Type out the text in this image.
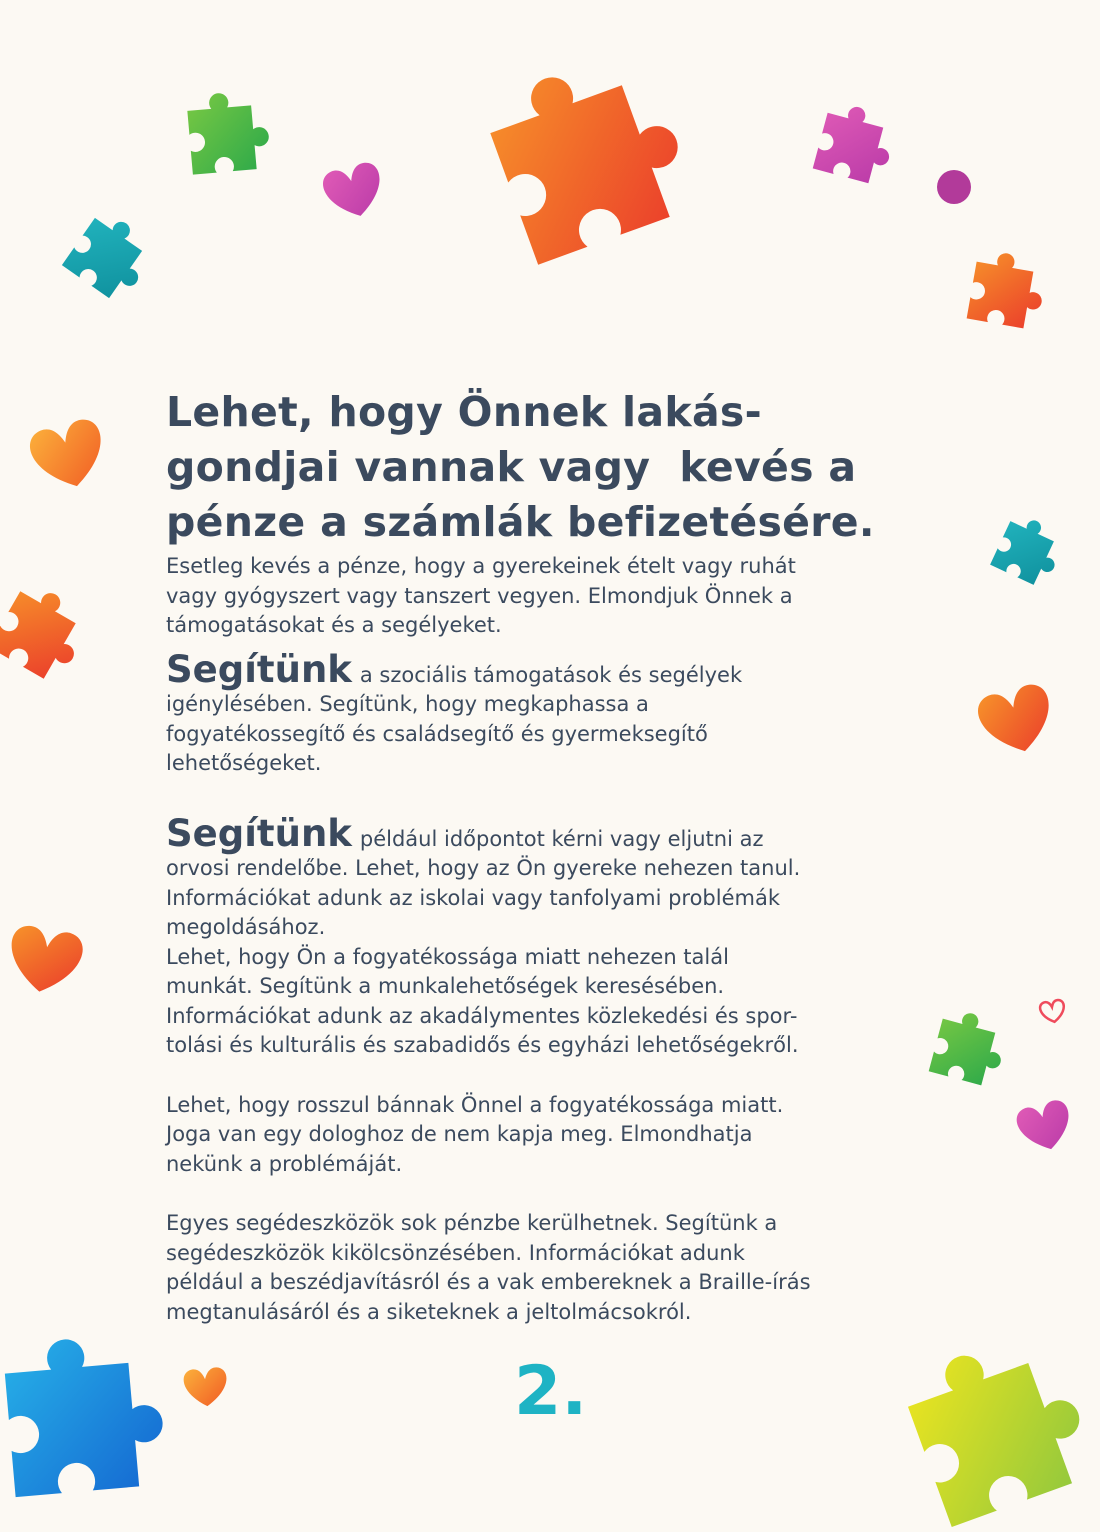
Lehet, hogy Önnek lakás-
gondjai vannak vagy  kevés a
pénze a számlák befizetésére.
Esetleg kevés a pénze, hogy a gyerekeinek ételt vagy ruhát
vagy gyógyszert vagy tanszert vegyen. Elmondjuk Önnek a
támogatásokat és a segélyeket.
Segítünk a szociális támogatások és segélyek
igénylésében. Segítünk, hogy megkaphassa a
fogyatékossegítő és családsegítő és gyermeksegítő
lehetőségeket.
Segítünk például időpontot kérni vagy eljutni az
orvosi rendelőbe. Lehet, hogy az Ön gyereke nehezen tanul.
Információkat adunk az iskolai vagy tanfolyami problémák
megoldásához.
Lehet, hogy Ön a fogyatékossága miatt nehezen talál
munkát. Segítünk a munkalehetőségek keresésében.
Információkat adunk az akadálymentes közlekedési és spor-
tolási és kulturális és szabadidős és egyházi lehetőségekről.
Lehet, hogy rosszul bánnak Önnel a fogyatékossága miatt.
Joga van egy dologhoz de nem kapja meg. Elmondhatja
nekünk a problémáját.
Egyes segédeszközök sok pénzbe kerülhetnek. Segítünk a
segédeszközök kikölcsönzésében. Információkat adunk
például a beszédjavításról és a vak embereknek a Braille-írás
megtanulásáról és a siketeknek a jeltolmácsokról.
2.
